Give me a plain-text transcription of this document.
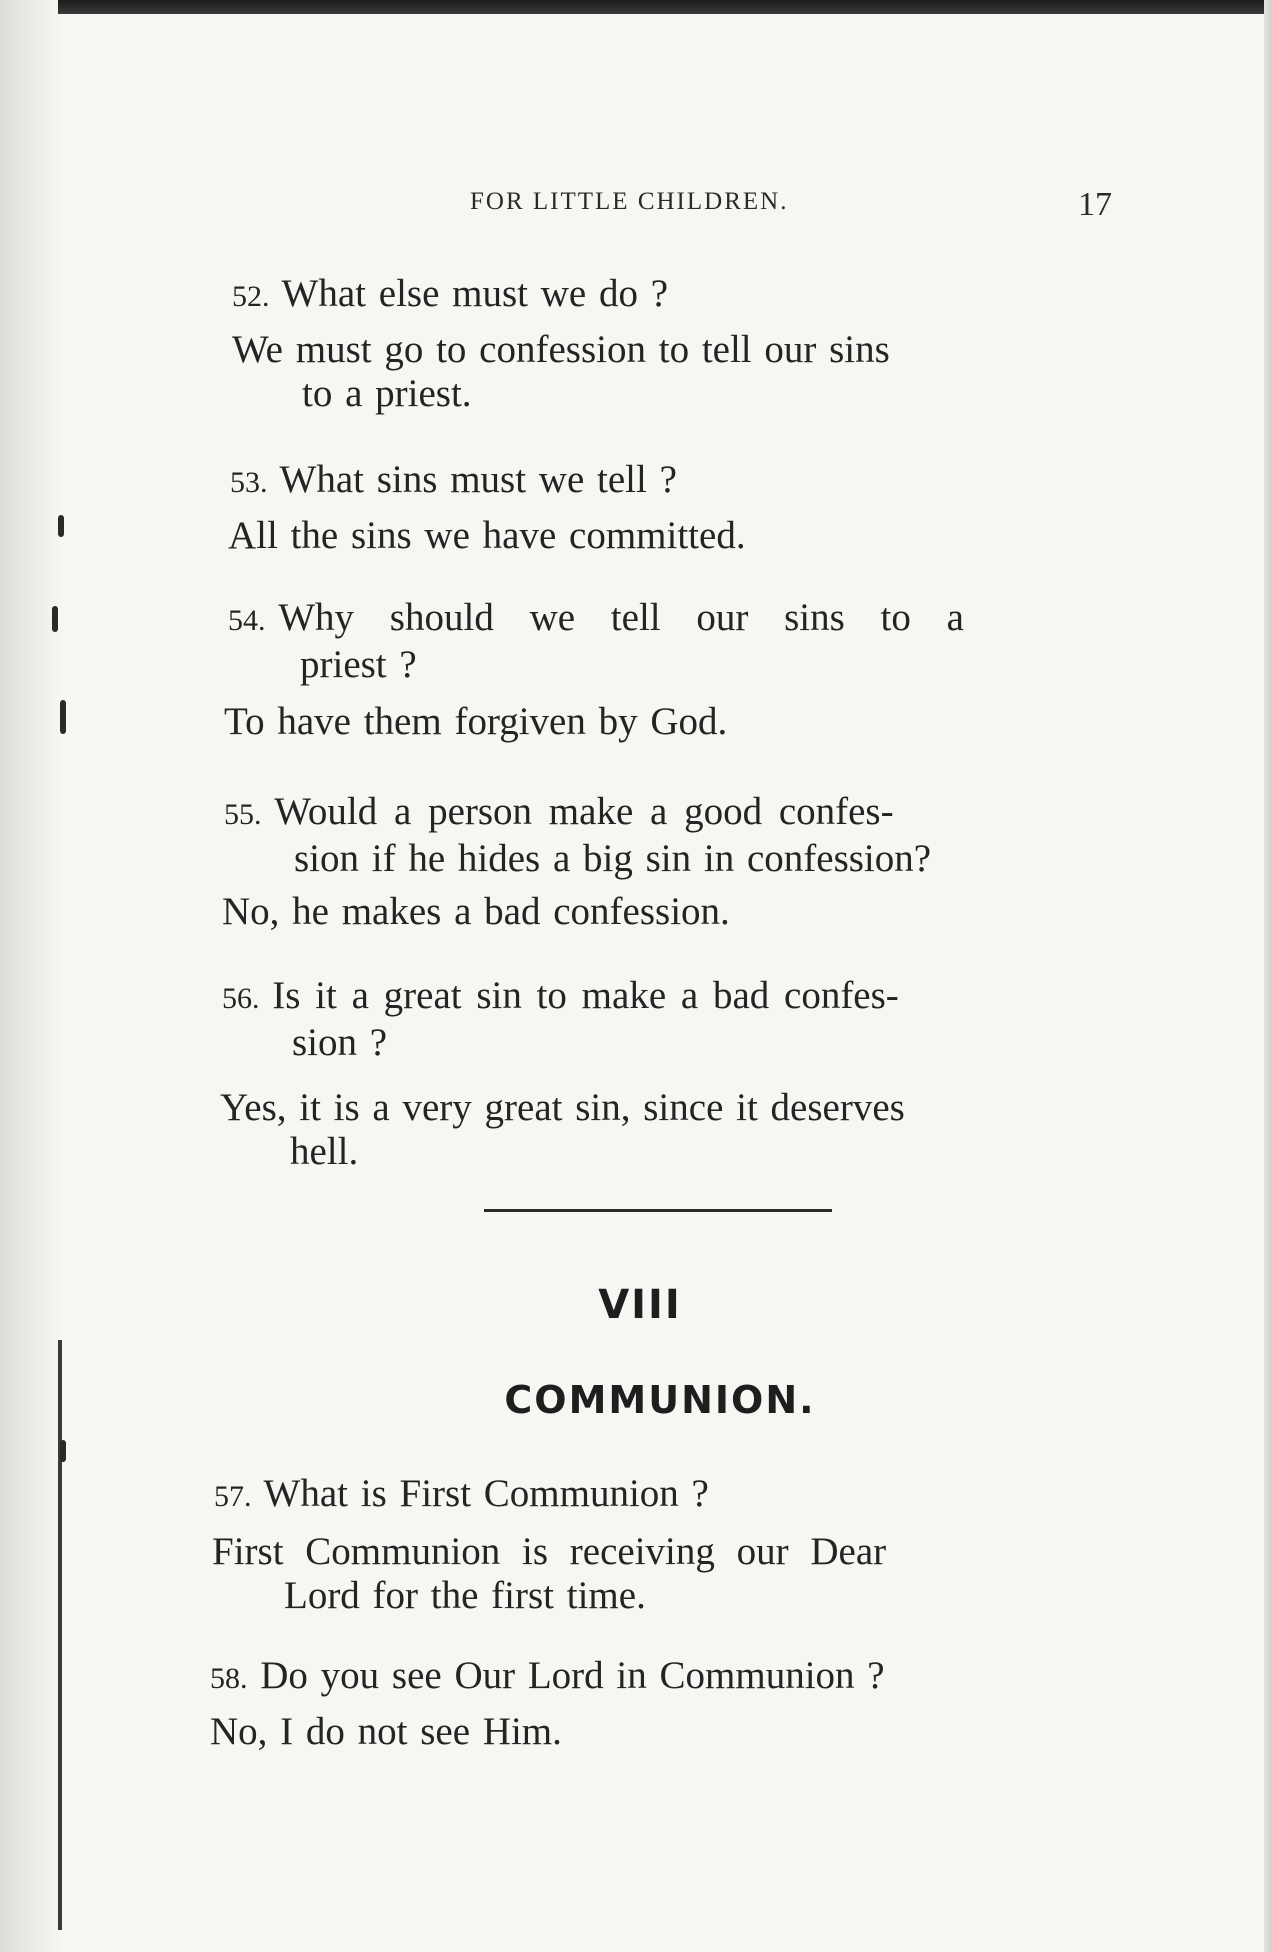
FOR LITTLE CHILDREN.	17
52. What else must we do ?
We must go to confession to tell our sins
to a priest.
53. What sins must we tell ?
All the sins we have committed.
54. Why should we tell our sins to a
priest ?
To have them forgiven by God.
55. Would a person make a good confes-
sion if he hides a big sin in confession?
No, he makes a bad confession.
56. Is it a great sin to make a bad confes-
sion ?
Yes, it is a very great sin, since it deserves
hell.
VIII
COMMUNION.
57. What is First Communion ?
First Communion is receiving our Dear
Lord for the first time.
58. Do you see Our Lord in Communion ?
No, I do not see Him.
